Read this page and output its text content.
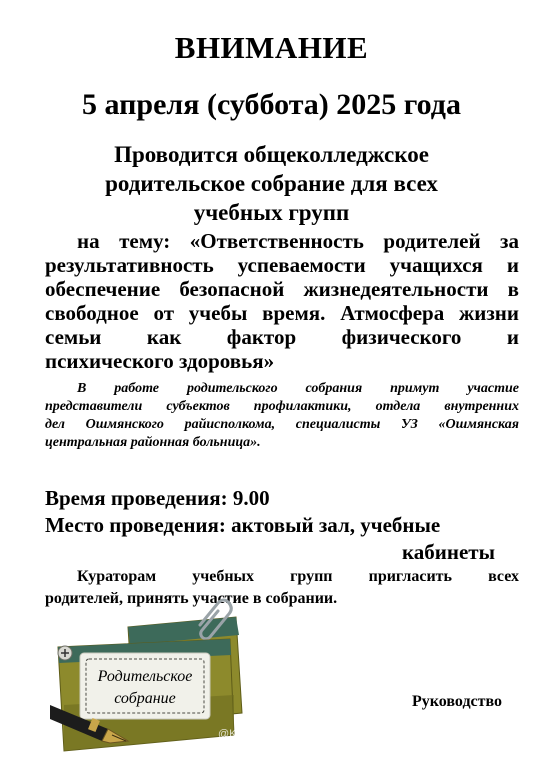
ВНИМАНИЕ
5 апреля (суббота) 2025 года
Проводится общеколледжское
родительское собрание для всех
учебных групп
на тему: «Ответственность родителей за
результативность успеваемости учащихся и
обеспечение безопасной жизнедеятельности в
свободное от учебы время. Атмосфера жизни
семьи как фактор физического и
психического здоровья»
В работе родительского собрания примут участие
представители субъектов профилактики, отдела внутренних
дел Ошмянского райисполкома, специалисты УЗ «Ошмянская
центральная районная больница».
Время проведения: 9.00
Место проведения: актовый зал, учебные
кабинеты
Кураторам учебных групп пригласить всех
родителей, принять участие в собрании.
Родительское
собрание
@K
Руководство
